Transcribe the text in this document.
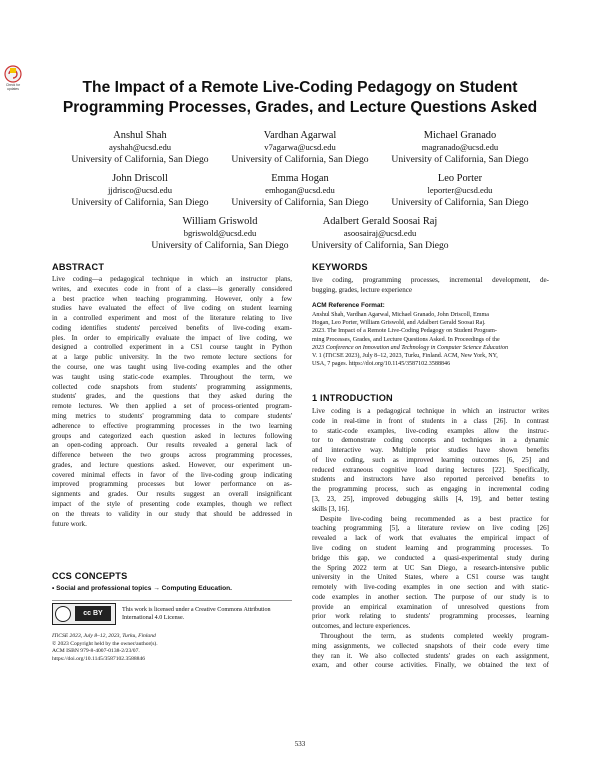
Check for updates	The Impact of a Remote Live-Coding Pedagogy on Student
Programming Processes, Grades, and Lecture Questions Asked
Anshul Shah
ayshah@ucsd.edu
University of California, San Diego
Vardhan Agarwal
v7agarwa@ucsd.edu
University of California, San Diego
Michael Granado
magranado@ucsd.edu
University of California, San Diego
John Driscoll
jjdrisco@ucsd.edu
University of California, San Diego
Emma Hogan
emhogan@ucsd.edu
University of California, San Diego
Leo Porter
leporter@ucsd.edu
University of California, San Diego
William Griswold
bgriswold@ucsd.edu
University of California, San Diego
Adalbert Gerald Soosai Raj
asoosairaj@ucsd.edu
University of California, San Diego
ABSTRACT
Live coding—a pedagogical technique in which an instructor plans,
writes, and executes code in front of a class—is generally considered
a best practice when teaching programming. However, only a few
studies have evaluated the effect of live coding on student learning
in a controlled experiment and most of the literature relating to live
coding identifies students' perceived benefits of live-coding exam-
ples. In order to empirically evaluate the impact of live coding, we
designed a controlled experiment in a CS1 course taught in Python
at a large public university. In the two remote lecture sections for
the course, one was taught using live-coding examples and the other
was taught using static-code examples. Throughout the term, we
collected code snapshots from students' programming assignments,
students' grades, and the questions that they asked during the
remote lectures. We then applied a set of process-oriented program-
ming metrics to students' programming data to compare students'
adherence to effective programming processes in the two learning
groups and categorized each question asked in lectures following
an open-coding approach. Our results revealed a general lack of
difference between the two groups across programming processes,
grades, and lecture questions asked. However, our experiment un-
covered minimal effects in favor of the live-coding group indicating
improved programming processes but lower performance on as-
signments and grades. Our results suggest an overall insignificant
impact of the style of presenting code examples, though we reflect
on the threats to validity in our study that should be addressed in
future work.
CCS CONCEPTS
• Social and professional topics → Computing Education.
cc BY	This work is licensed under a Creative Commons Attribution
International 4.0 License.
ITiCSE 2023, July 8–12, 2023, Turku, Finland
© 2023 Copyright held by the owner/author(s).
ACM ISBN 979-8-4007-0138-2/23/07.
https://doi.org/10.1145/3587102.3588846
KEYWORDS
live coding, programming processes, incremental development, de-
bugging, grades, lecture experience
ACM Reference Format:
Anshul Shah, Vardhan Agarwal, Michael Granado, John Driscoll, Emma
Hogan, Leo Porter, William Griswold, and Adalbert Gerald Soosai Raj.
2023. The Impact of a Remote Live-Coding Pedagogy on Student Program-
ming Processes, Grades, and Lecture Questions Asked. In Proceedings of the
2023 Conference on Innovation and Technology in Computer Science Education
V. 1 (ITiCSE 2023), July 8–12, 2023, Turku, Finland. ACM, New York, NY,
USA, 7 pages. https://doi.org/10.1145/3587102.3588846
1 INTRODUCTION
Live coding is a pedagogical technique in which an instructor writes
code in real-time in front of students in a class [26]. In contrast
to static-code examples, live-coding examples allow the instruc-
tor to demonstrate coding concepts and techniques in a dynamic
and interactive way. Multiple prior studies have shown benefits
of live coding, such as improved learning outcomes [6, 25] and
reduced extraneous cognitive load during lectures [22]. Specifically,
students and instructors have also reported perceived benefits to
the programming process, such as engaging in incremental coding
[3, 23, 25], improved debugging skills [4, 19], and better testing
skills [3, 16].
Despite live-coding being recommended as a best practice for
teaching programming [5], a literature review on live coding [26]
revealed a lack of work that evaluates the empirical impact of
live coding on student learning and programming processes. To
bridge this gap, we conducted a quasi-experimental study during
the Spring 2022 term at UC San Diego, a research-intensive public
university in the United States, where a CS1 course was taught
remotely with live-coding examples in one section and with static-
code examples in another section. The purpose of our study is to
provide an empirical examination of unresolved questions from
prior work relating to students' programming processes, learning
outcomes, and lecture experiences.
Throughout the term, as students completed weekly program-
ming assignments, we collected snapshots of their code every time
they ran it. We also collected students' grades on each assignment,
exam, and other course activities. Finally, we obtained the text of
533
